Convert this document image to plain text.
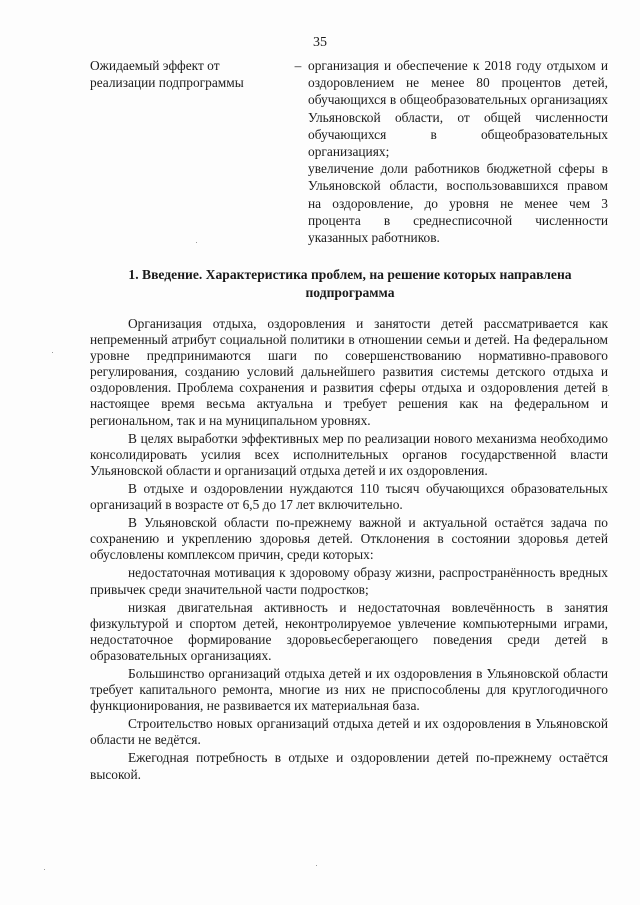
35
Ожидаемый эффект от реализации подпрограммы
– организация и обеспечение к 2018 году отдыхом и оздоровлением не менее 80 процентов детей, обучающихся в общеобразовательных организациях Ульяновской области, от общей численности обучающихся в общеобразовательных организациях;

увеличение доли работников бюджетной сферы в Ульяновской области, воспользовавшихся правом на оздоровление, до уровня не менее чем 3 процента в среднесписочной численности указанных работников.

1. Введение. Характеристика проблем, на решение которых направлена подпрограмма

Организация отдыха, оздоровления и занятости детей рассматривается как непременный атрибут социальной политики в отношении семьи и детей. На федеральном уровне предпринимаются шаги по совершенствованию нормативно-правового регулирования, созданию условий дальнейшего развития системы детского отдыха и оздоровления. Проблема сохранения и развития сферы отдыха и оздоровления детей в настоящее время весьма актуальна и требует решения как на федеральном и региональном, так и на муниципальном уровнях.

В целях выработки эффективных мер по реализации нового механизма необходимо консолидировать усилия всех исполнительных органов государственной власти Ульяновской области и организаций отдыха детей и их оздоровления.

В отдыхе и оздоровлении нуждаются 110 тысяч обучающихся образовательных организаций в возрасте от 6,5 до 17 лет включительно.

В Ульяновской области по-прежнему важной и актуальной остаётся задача по сохранению и укреплению здоровья детей. Отклонения в состоянии здоровья детей обусловлены комплексом причин, среди которых:

недостаточная мотивация к здоровому образу жизни, распространённость вредных привычек среди значительной части подростков;

низкая двигательная активность и недостаточная вовлечённость в занятия физкультурой и спортом детей, неконтролируемое увлечение компьютерными играми, недостаточное формирование здоровьесберегающего поведения среди детей в образовательных организациях.

Большинство организаций отдыха детей и их оздоровления в Ульяновской области требует капитального ремонта, многие из них не приспособлены для круглогодичного функционирования, не развивается их материальная база.

Строительство новых организаций отдыха детей и их оздоровления в Ульяновской области не ведётся.

Ежегодная потребность в отдыхе и оздоровлении детей по-прежнему остаётся высокой.
